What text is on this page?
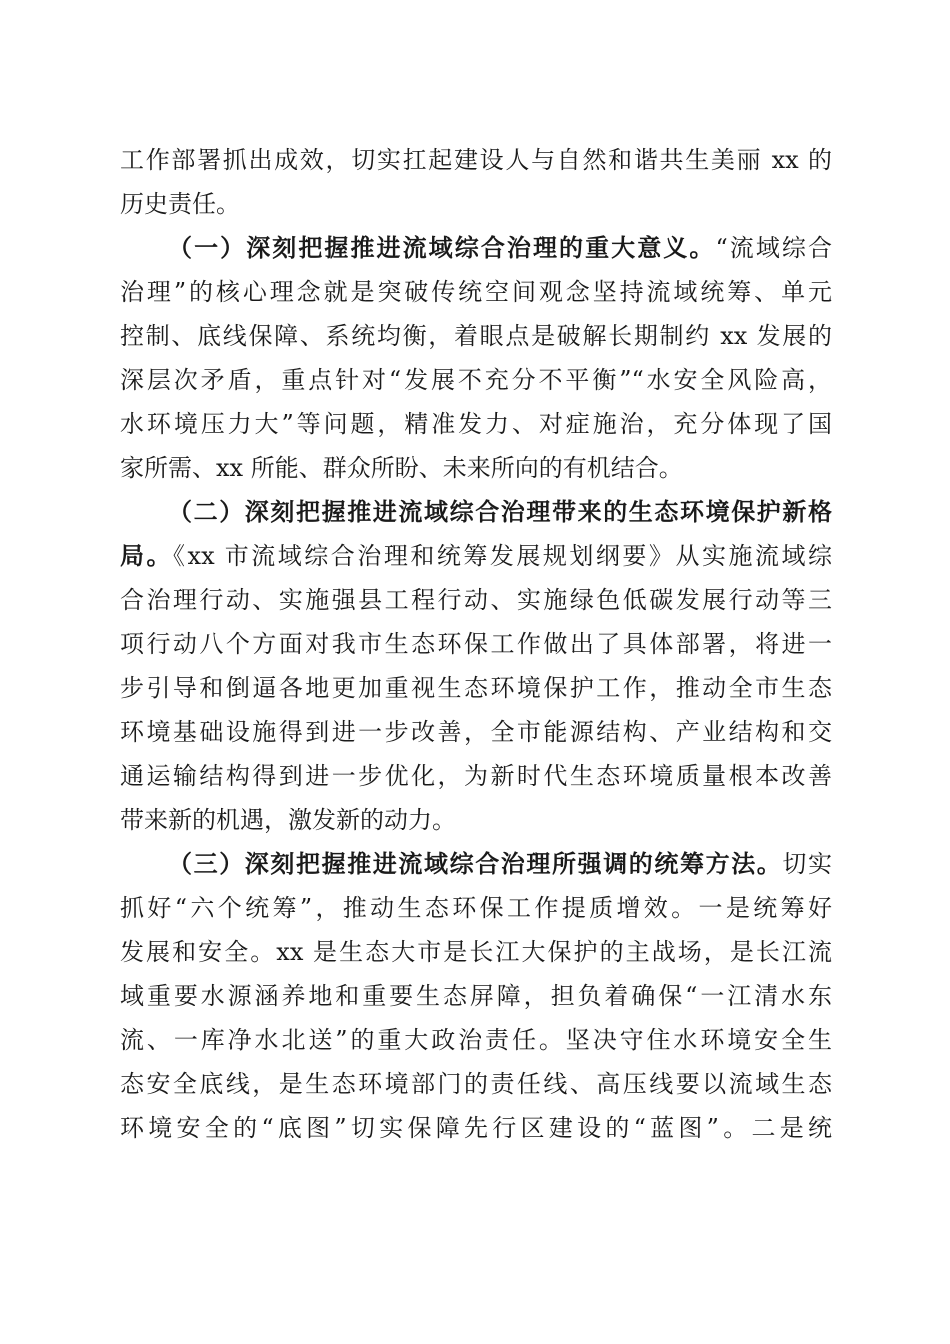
工作部署抓出成效，切实扛起建设人与自然和谐共生美丽 xx 的
历史责任。
（一）深刻把握推进流域综合治理的重大意义。“流域综合
治理”的核心理念就是突破传统空间观念坚持流域统筹、单元
控制、底线保障、系统均衡，着眼点是破解长期制约 xx 发展的
深层次矛盾，重点针对“发展不充分不平衡”“水安全风险高，
水环境压力大”等问题，精准发力、对症施治，充分体现了国
家所需、xx 所能、群众所盼、未来所向的有机结合。
（二）深刻把握推进流域综合治理带来的生态环境保护新格
局。《xx 市流域综合治理和统筹发展规划纲要》从实施流域综
合治理行动、实施强县工程行动、实施绿色低碳发展行动等三
项行动八个方面对我市生态环保工作做出了具体部署，将进一
步引导和倒逼各地更加重视生态环境保护工作，推动全市生态
环境基础设施得到进一步改善，全市能源结构、产业结构和交
通运输结构得到进一步优化，为新时代生态环境质量根本改善
带来新的机遇，激发新的动力。
（三）深刻把握推进流域综合治理所强调的统筹方法。切实
抓好“六个统筹”，推动生态环保工作提质增效。一是统筹好
发展和安全。xx 是生态大市是长江大保护的主战场，是长江流
域重要水源涵养地和重要生态屏障，担负着确保“一江清水东
流、一库净水北送”的重大政治责任。坚决守住水环境安全生
态安全底线，是生态环境部门的责任线、高压线要以流域生态
环境安全的“底图”切实保障先行区建设的“蓝图”。二是统
